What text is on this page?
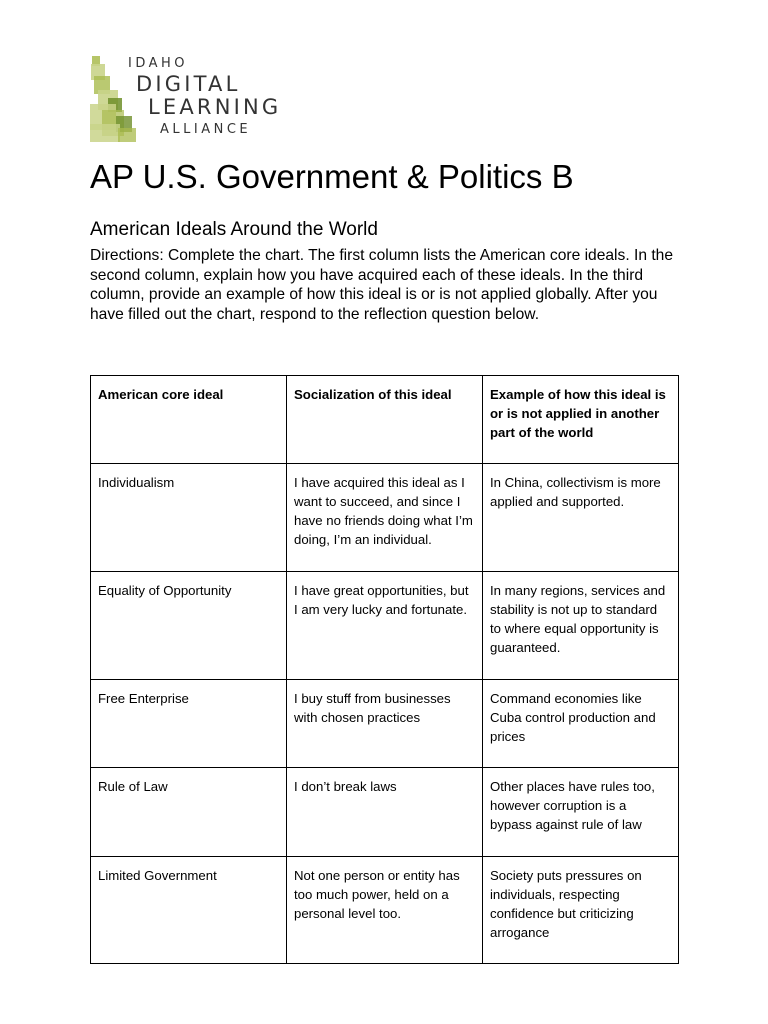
IDAHO
DIGITAL
LEARNING
ALLIANCE
AP U.S. Government & Politics B
American Ideals Around the World

Directions: Complete the chart. The first column lists the American core ideals. In the second column, explain how you have acquired each of these ideals. In the third column, provide an example of how this ideal is or is not applied globally. After you have filled out the chart, respond to the reflection question below.

American core ideal	Socialization of this ideal	Example of how this ideal is or is not applied in another part of the world
Individualism	I have acquired this ideal as I want to succeed, and since I have no friends doing what I’m doing, I’m an individual.	In China, collectivism is more applied and supported.
Equality of Opportunity	I have great opportunities, but I am very lucky and fortunate.	In many regions, services and stability is not up to standard to where equal opportunity is guaranteed.
Free Enterprise	I buy stuff from businesses with chosen practices	Command economies like Cuba control production and prices
Rule of Law	I don’t break laws	Other places have rules too, however corruption is a bypass against rule of law
Limited Government	Not one person or entity has too much power, held on a personal level too.	Society puts pressures on individuals, respecting confidence but criticizing arrogance
